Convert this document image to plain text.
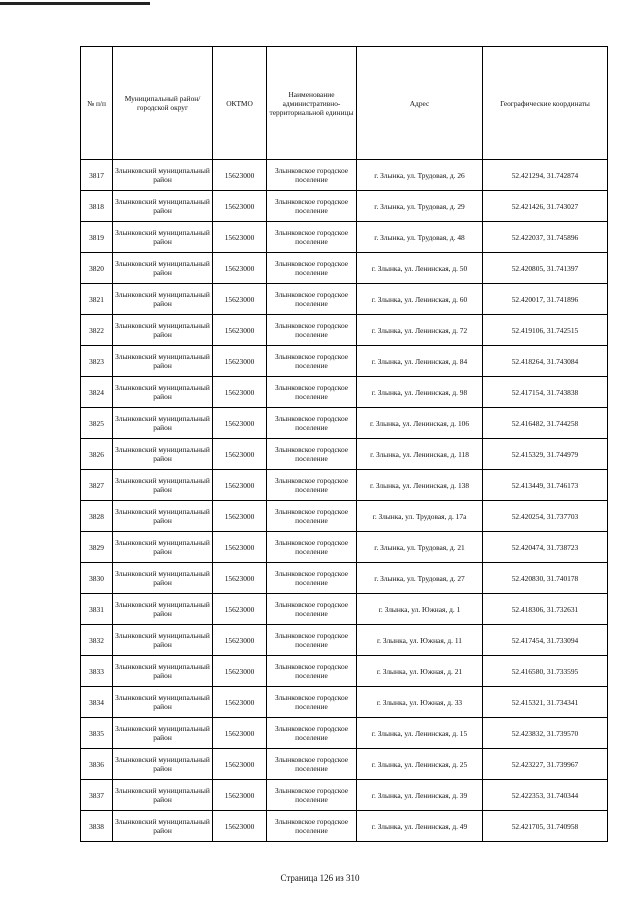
№ п/п	Муниципальный район/городской округ	ОКТМО	Наименование административно-территориальной единицы	Адрес	Географические координаты
3817	Злынковский муниципальный район	15623000	Злынковское городское поселение	г. Злынка, ул. Трудовая, д. 26	52.421294, 31.742874
3818	Злынковский муниципальный район	15623000	Злынковское городское поселение	г. Злынка, ул. Трудовая, д. 29	52.421426, 31.743027
3819	Злынковский муниципальный район	15623000	Злынковское городское поселение	г. Злынка, ул. Трудовая, д. 48	52.422037, 31.745896
3820	Злынковский муниципальный район	15623000	Злынковское городское поселение	г. Злынка, ул. Ленинская, д. 50	52.420805, 31.741397
3821	Злынковский муниципальный район	15623000	Злынковское городское поселение	г. Злынка, ул. Ленинская, д. 60	52.420017, 31.741896
3822	Злынковский муниципальный район	15623000	Злынковское городское поселение	г. Злынка, ул. Ленинская, д. 72	52.419106, 31.742515
3823	Злынковский муниципальный район	15623000	Злынковское городское поселение	г. Злынка, ул. Ленинская, д. 84	52.418264, 31.743084
3824	Злынковский муниципальный район	15623000	Злынковское городское поселение	г. Злынка, ул. Ленинская, д. 98	52.417154, 31.743838
3825	Злынковский муниципальный район	15623000	Злынковское городское поселение	г. Злынка, ул. Ленинская, д. 106	52.416482, 31.744258
3826	Злынковский муниципальный район	15623000	Злынковское городское поселение	г. Злынка, ул. Ленинская, д. 118	52.415329, 31.744979
3827	Злынковский муниципальный район	15623000	Злынковское городское поселение	г. Злынка, ул. Ленинская, д. 138	52.413449, 31.746173
3828	Злынковский муниципальный район	15623000	Злынковское городское поселение	г. Злынка, ул. Трудовая, д. 17а	52.420254, 31.737703
3829	Злынковский муниципальный район	15623000	Злынковское городское поселение	г. Злынка, ул. Трудовая, д. 21	52.420474, 31.738723
3830	Злынковский муниципальный район	15623000	Злынковское городское поселение	г. Злынка, ул. Трудовая, д. 27	52.420830, 31.740178
3831	Злынковский муниципальный район	15623000	Злынковское городское поселение	г. Злынка, ул. Южная, д. 1	52.418306, 31.732631
3832	Злынковский муниципальный район	15623000	Злынковское городское поселение	г. Злынка, ул. Южная, д. 11	52.417454, 31.733094
3833	Злынковский муниципальный район	15623000	Злынковское городское поселение	г. Злынка, ул. Южная, д. 21	52.416580, 31.733595
3834	Злынковский муниципальный район	15623000	Злынковское городское поселение	г. Злынка, ул. Южная, д. 33	52.415321, 31.734341
3835	Злынковский муниципальный район	15623000	Злынковское городское поселение	г. Злынка, ул. Ленинская, д. 15	52.423832, 31.739570
3836	Злынковский муниципальный район	15623000	Злынковское городское поселение	г. Злынка, ул. Ленинская, д. 25	52.423227, 31.739967
3837	Злынковский муниципальный район	15623000	Злынковское городское поселение	г. Злынка, ул. Ленинская, д. 39	52.422353, 31.740344
3838	Злынковский муниципальный район	15623000	Злынковское городское поселение	г. Злынка, ул. Ленинская, д. 49	52.421705, 31.740958
Страница 126 из 310
